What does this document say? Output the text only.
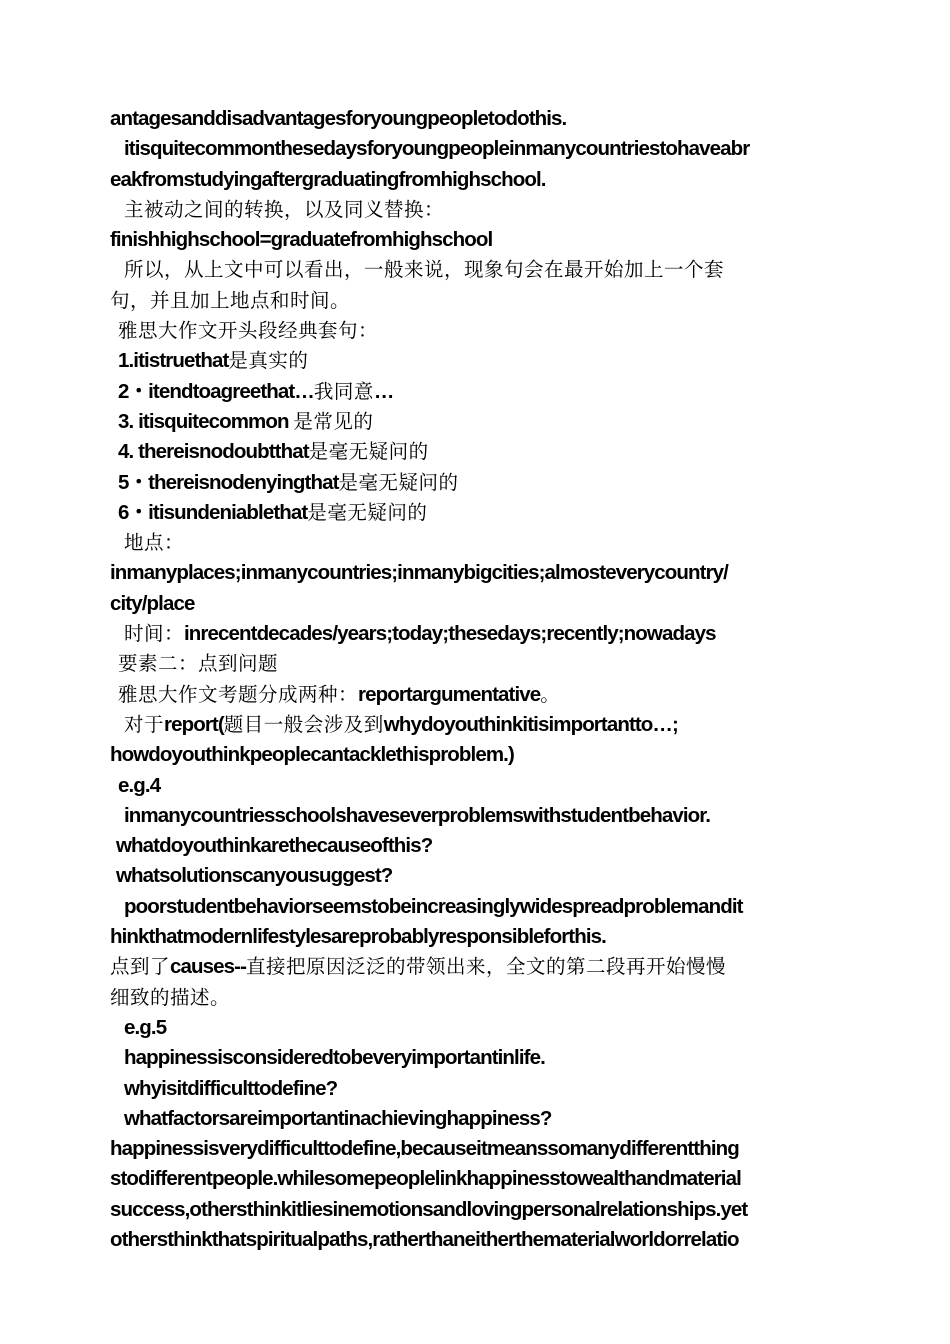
antagesanddisadvantagesforyoungpeopletodothis.
itisquitecommonthesedaysforyoungpeopleinmanycountriestohaveabr
eakfromstudyingaftergraduatingfromhighschool.
主被动之间的转换，以及同义替换：
finishhighschool=graduatefromhighschool
所以，从上文中可以看出，一般来说，现象句会在最开始加上一个套
句，并且加上地点和时间。
雅思大作文开头段经典套句：
1.itistruethat是真实的
2・itendtoagreethat…我同意…
3. itisquitecommon 是常见的
4. thereisnodoubtthat是毫无疑问的
5・thereisnodenyingthat是毫无疑问的
6・itisundeniablethat是毫无疑问的
地点：
inmanyplaces;inmanycountries;inmanybigcities;almosteverycountry/
city/place
时间：inrecentdecades/years;today;thesedays;recently;nowadays
要素二：点到问题
雅思大作文考题分成两种：reportargumentative。
对于report(题目一般会涉及到whydoyouthinkitisimportantto…;
howdoyouthinkpeoplecantacklethisproblem.)
e.g.4
inmanycountriesschoolshaveseverproblemswithstudentbehavior.
whatdoyouthinkarethecauseofthis?
whatsolutionscanyousuggest?
poorstudentbehaviorseemstobeincreasinglywidespreadproblemandit
hinkthatmodernlifestylesareprobablyresponsibleforthis.
点到了causes--直接把原因泛泛的带领出来，全文的第二段再开始慢慢
细致的描述。
e.g.5
happinessisconsideredtobeveryimportantinlife.
whyisitdifficulttodefine?
whatfactorsareimportantinachievinghappiness?
happinessisverydifficulttodefine,becauseitmeanssomanydifferentthing
stodifferentpeople.whilesomepeoplelinkhappinesstowealthandmaterial
success,othersthinkitliesinemotionsandlovingpersonalrelationships.yet
othersthinkthatspiritualpaths,ratherthaneitherthematerialworldorrelatio
